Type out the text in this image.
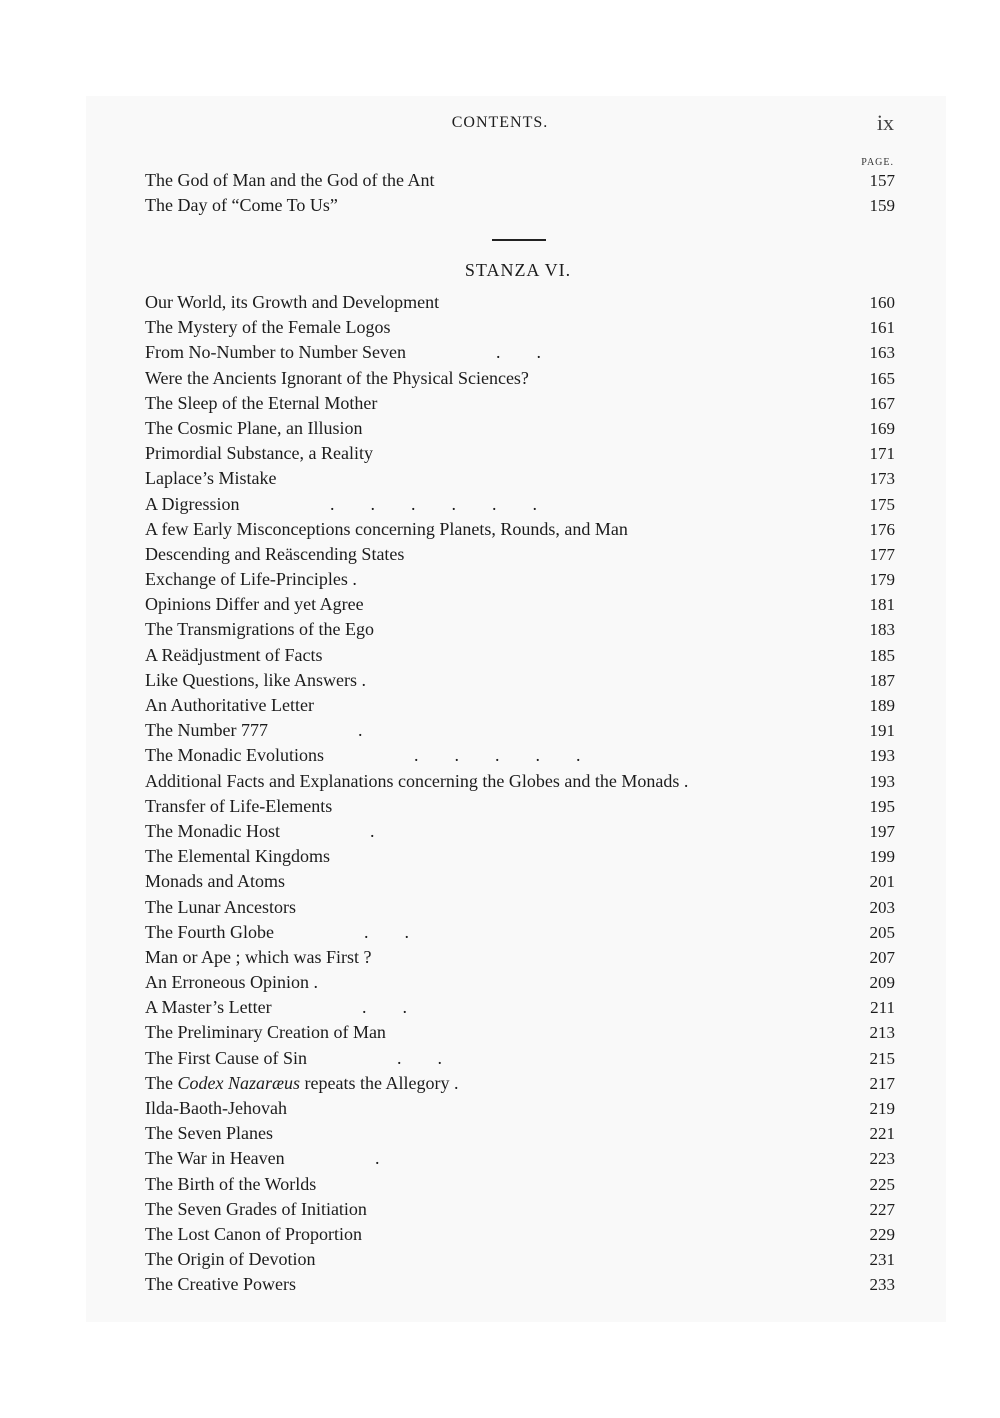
CONTENTS.	ix
PAGE.
The God of Man and the God of the Ant	157
The Day of “Come To Us”	159
STANZA VI.
Our World, its Growth and Development	160
The Mystery of the Female Logos	161
From No-Number to Number Seven	.        .	163
Were the Ancients Ignorant of the Physical Sciences?	165
The Sleep of the Eternal Mother	167
The Cosmic Plane, an Illusion	169
Primordial Substance, a Reality	171
Laplace’s Mistake	173
A Digression	.        .        .        .        .        .	175
A few Early Misconceptions concerning Planets, Rounds, and Man	176
Descending and Reäscending States	177
Exchange of Life-Principles .	179
Opinions Differ and yet Agree	181
The Transmigrations of the Ego	183
A Reädjustment of Facts	185
Like Questions, like Answers .	187
An Authoritative Letter	189
The Number 777	.	191
The Monadic Evolutions	.        .        .        .        .	193
Additional Facts and Explanations concerning the Globes and the Monads .	193
Transfer of Life-Elements	195
The Monadic Host	.	197
The Elemental Kingdoms	199
Monads and Atoms	201
The Lunar Ancestors	203
The Fourth Globe	.        .	205
Man or Ape ; which was First ?	207
An Erroneous Opinion .	209
A Master’s Letter	.        .	211
The Preliminary Creation of Man	213
The First Cause of Sin	.        .	215
The Codex Nazaræus repeats the Allegory .	217
Ilda-Baoth-Jehovah	219
The Seven Planes	221
The War in Heaven	.	223
The Birth of the Worlds	225
The Seven Grades of Initiation	227
The Lost Canon of Proportion	229
The Origin of Devotion	231
The Creative Powers	233
